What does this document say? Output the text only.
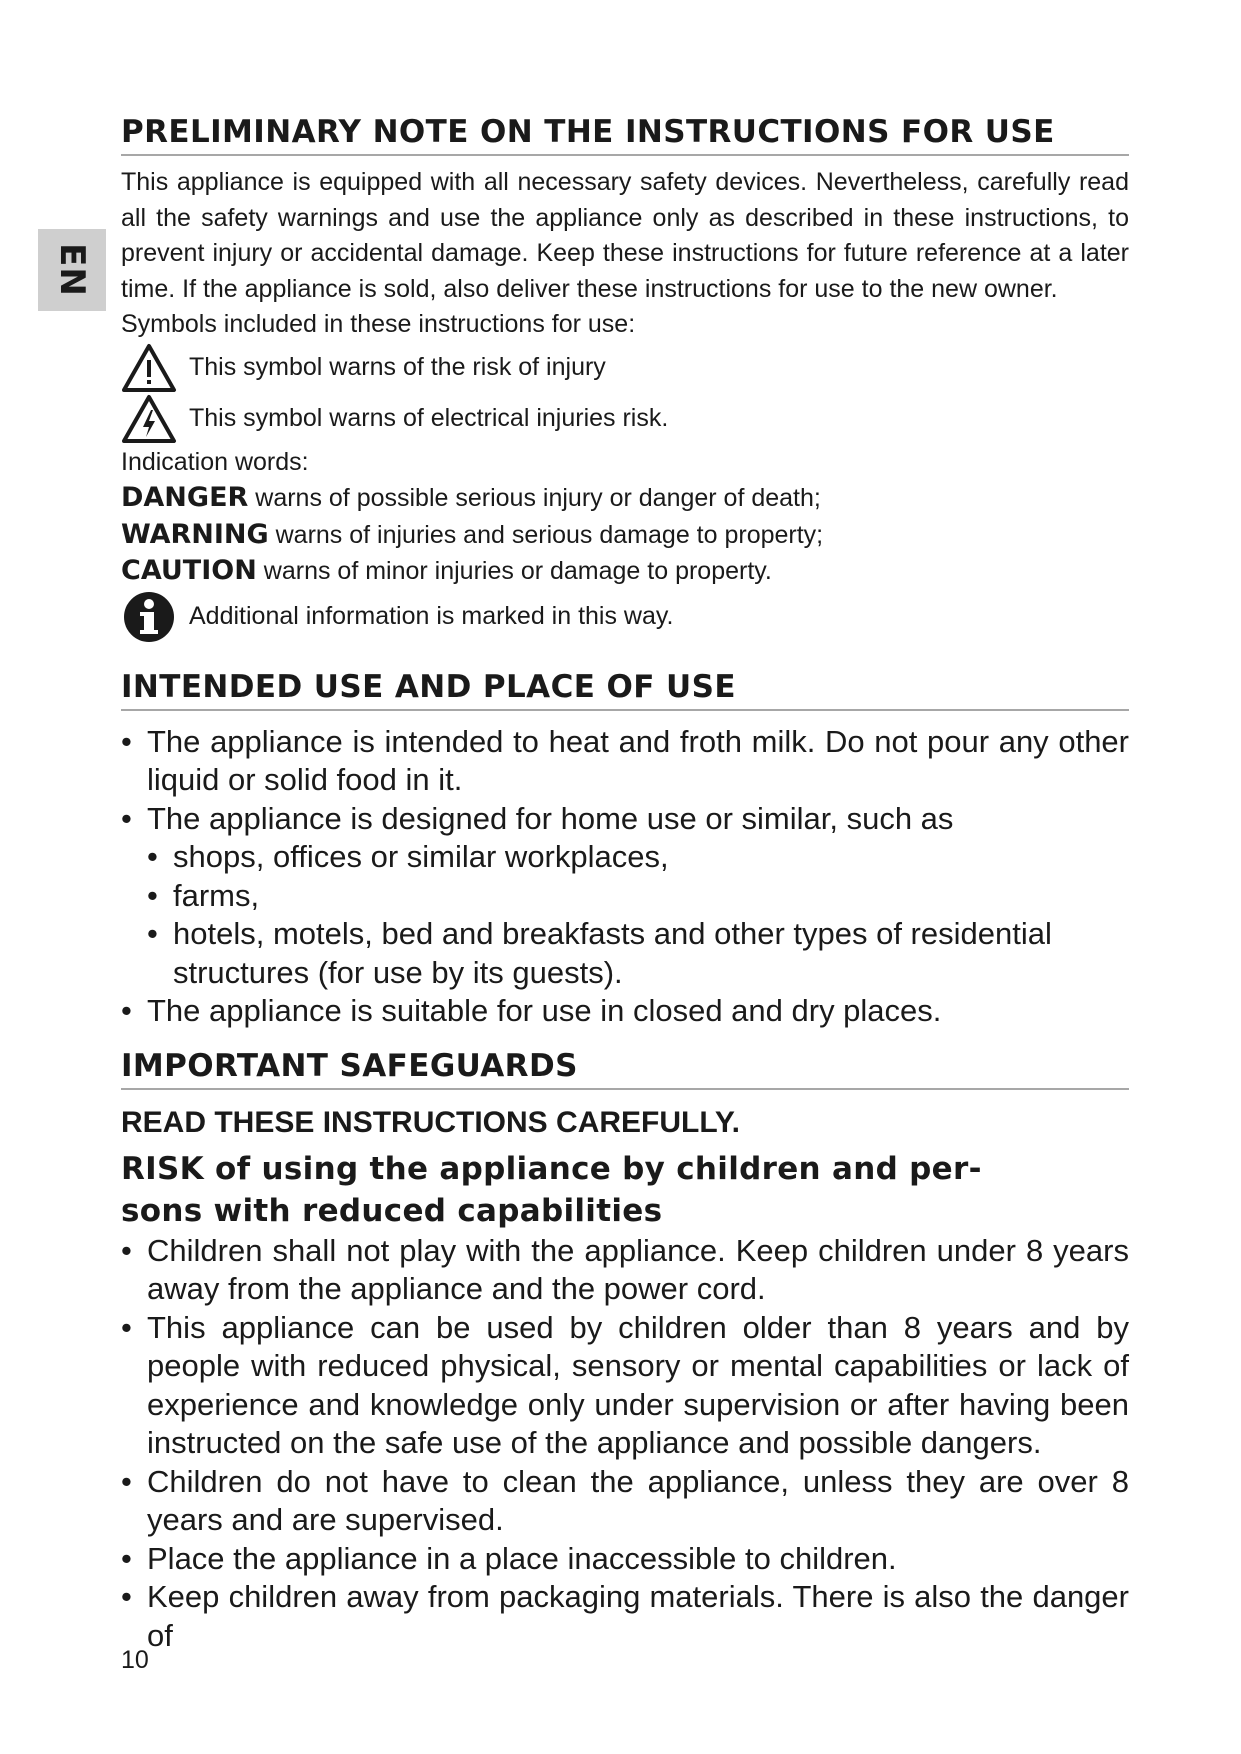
EN
PRELIMINARY NOTE ON THE INSTRUCTIONS FOR USE

This appliance is equipped with all necessary safety devices. Nevertheless, carefully read all the safety warnings and use the appliance only as described in these instructions, to prevent injury or accidental damage. Keep these instructions for future reference at a later time. If the appliance is sold, also deliver these instructions for use to the new owner.

Symbols included in these instructions for use:

This symbol warns of the risk of injury
This symbol warns of electrical injuries risk.

Indication words:

DANGER warns of possible serious injury or danger of death;

WARNING warns of injuries and serious damage to property;

CAUTION warns of minor injuries or damage to property.

Additional information is marked in this way.
INTENDED USE AND PLACE OF USE
• The appliance is intended to heat and froth milk. Do not pour any other liquid or solid food in it.
• The appliance is designed for home use or similar, such as
• shops, offices or similar workplaces,
• farms,
• hotels, motels, bed and breakfasts and other types of residential structures (for use by its guests).
• The appliance is suitable for use in closed and dry places.
IMPORTANT SAFEGUARDS

READ THESE INSTRUCTIONS CAREFULLY.

RISK of using the appliance by children and per-
sons with reduced capabilities
• Children shall not play with the appliance. Keep children under 8 years away from the appliance and the power cord.
• This appliance can be used by children older than 8 years and by people with reduced physical, sensory or mental capabilities or lack of experience and knowledge only under supervision or after having been instructed on the safe use of the appliance and possible dangers.
• Children do not have to clean the appliance, unless they are over 8 years and are supervised.
• Place the appliance in a place inaccessible to children.
• Keep children away from packaging materials. There is also the danger of
10
